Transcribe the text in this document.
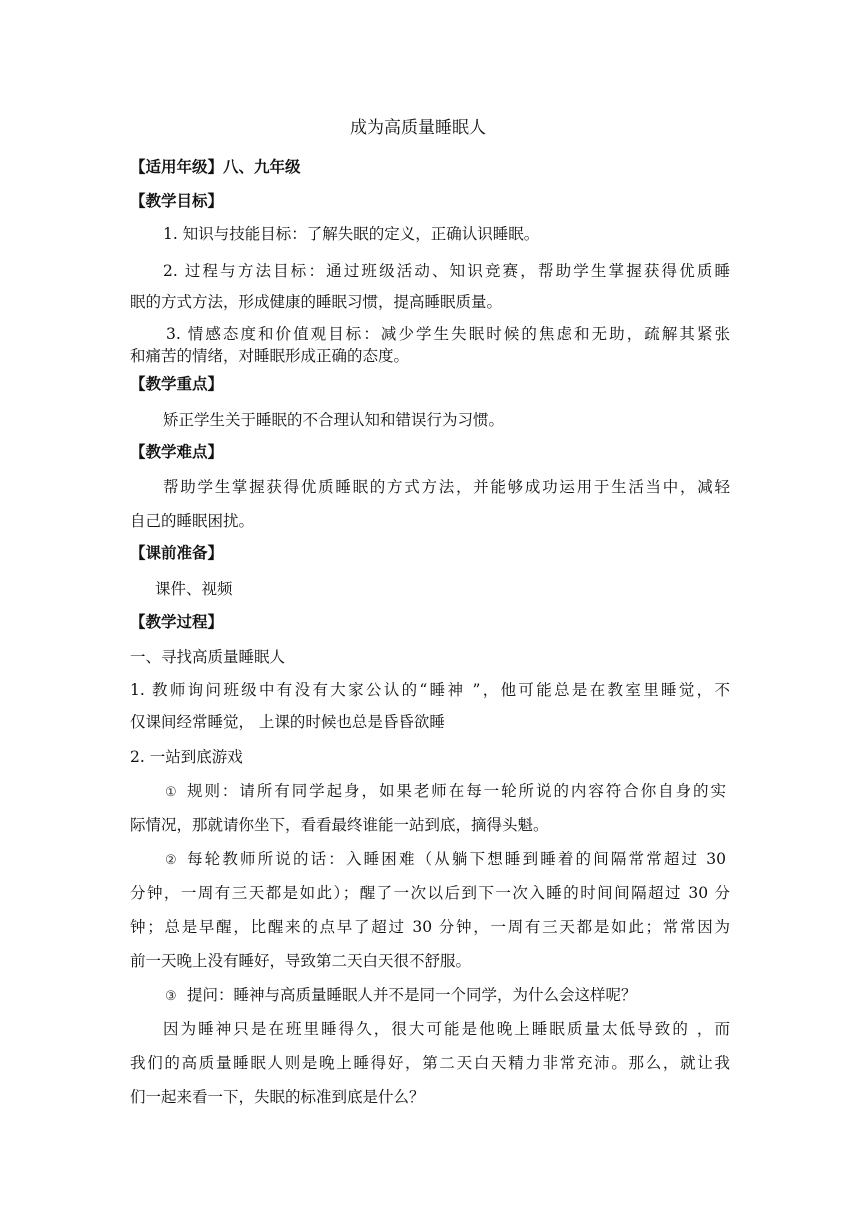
成为高质量睡眠人
【适用年级】八、九年级
【教学目标】
1. 知识与技能目标：了解失眠的定义，正确认识睡眠。
2. 过程与方法目标：通过班级活动、知识竞赛，帮助学生掌握获得优质睡
眠的方式方法，形成健康的睡眠习惯，提高睡眠质量。
3. 情感态度和价值观目标：减少学生失眠时候的焦虑和无助，疏解其紧张
和痛苦的情绪，对睡眠形成正确的态度。
【教学重点】
矫正学生关于睡眠的不合理认知和错误行为习惯。
【教学难点】
帮助学生掌握获得优质睡眠的方式方法，并能够成功运用于生活当中，减轻
自己的睡眠困扰。
【课前准备】
课件、视频
【教学过程】
一、寻找高质量睡眠人
1. 教师询问班级中有没有大家公认的“睡神 ”，他可能总是在教室里睡觉，不
仅课间经常睡觉， 上课的时候也总是昏昏欲睡
2. 一站到底游戏
① 规则：请所有同学起身，如果老师在每一轮所说的内容符合你自身的实
际情况，那就请你坐下，看看最终谁能一站到底，摘得头魁。
② 每轮教师所说的话：入睡困难（从躺下想睡到睡着的间隔常常超过 30
分钟，一周有三天都是如此）；醒了一次以后到下一次入睡的时间间隔超过 30 分
钟；总是早醒，比醒来的点早了超过 30 分钟，一周有三天都是如此；常常因为
前一天晚上没有睡好，导致第二天白天很不舒服。
③ 提问：睡神与高质量睡眠人并不是同一个同学，为什么会这样呢？
因为睡神只是在班里睡得久，很大可能是他晚上睡眠质量太低导致的 ，而
我们的高质量睡眠人则是晚上睡得好，第二天白天精力非常充沛。那么，就让我
们一起来看一下，失眠的标准到底是什么？
